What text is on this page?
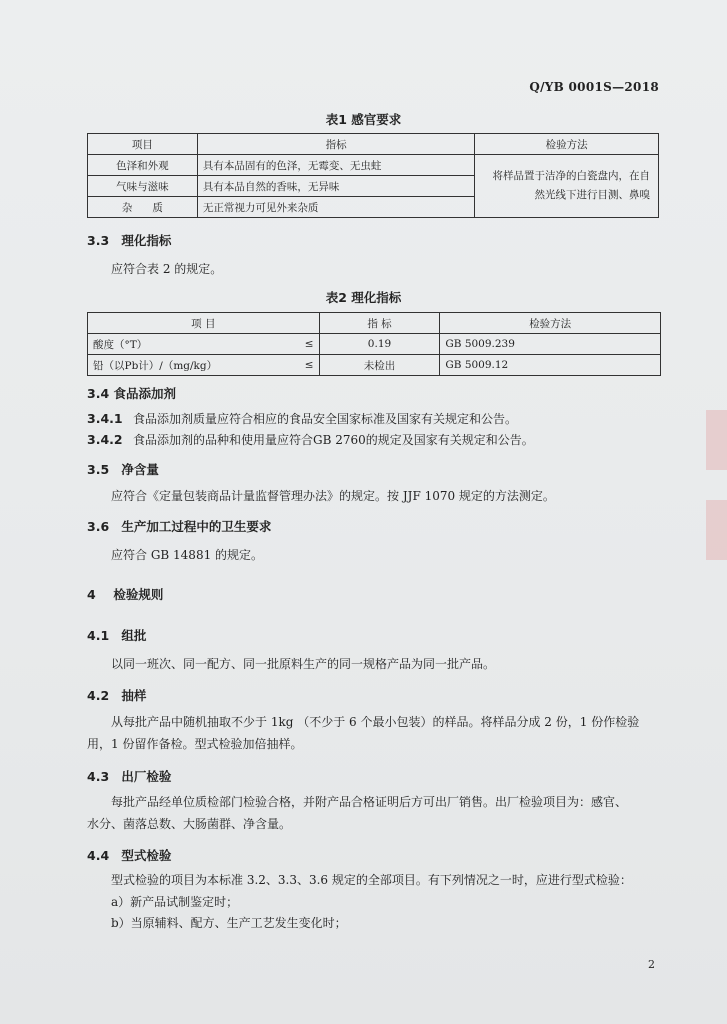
Q/YB 0001S—2018
表1 感官要求
项目	指标	检验方法
色泽和外观	具有本品固有的色泽，无霉变、无虫蛀	将样品置于洁净的白瓷盘内，在自然光线下进行目测、鼻嗅
气味与滋味	具有本品自然的香味，无异味	
杂      质	无正常视力可见外来杂质	
3.3 理化指标
应符合表 2 的规定。
表2 理化指标
项 目		指 标	检验方法
酸度（°T）	≤	0.19	GB 5009.239
铅（以Pb计）/（mg/kg）	≤	未检出	GB 5009.12
3.4 食品添加剂
3.4.1 食品添加剂质量应符合相应的食品安全国家标准及国家有关规定和公告。
3.4.2 食品添加剂的品种和使用量应符合GB 2760的规定及国家有关规定和公告。
3.5 净含量
应符合《定量包装商品计量监督管理办法》的规定。按 JJF 1070 规定的方法测定。
3.6 生产加工过程中的卫生要求
应符合 GB 14881 的规定。
4 检验规则
4.1 组批
以同一班次、同一配方、同一批原料生产的同一规格产品为同一批产品。
4.2 抽样
从每批产品中随机抽取不少于 1kg （不少于 6 个最小包装）的样品。将样品分成 2 份，1 份作检验
用，1 份留作备检。型式检验加倍抽样。
4.3 出厂检验
每批产品经单位质检部门检验合格，并附产品合格证明后方可出厂销售。出厂检验项目为：感官、
水分、菌落总数、大肠菌群、净含量。
4.4 型式检验
型式检验的项目为本标准 3.2、3.3、3.6 规定的全部项目。有下列情况之一时，应进行型式检验：
a）新产品试制鉴定时；
b）当原辅料、配方、生产工艺发生变化时；
2
